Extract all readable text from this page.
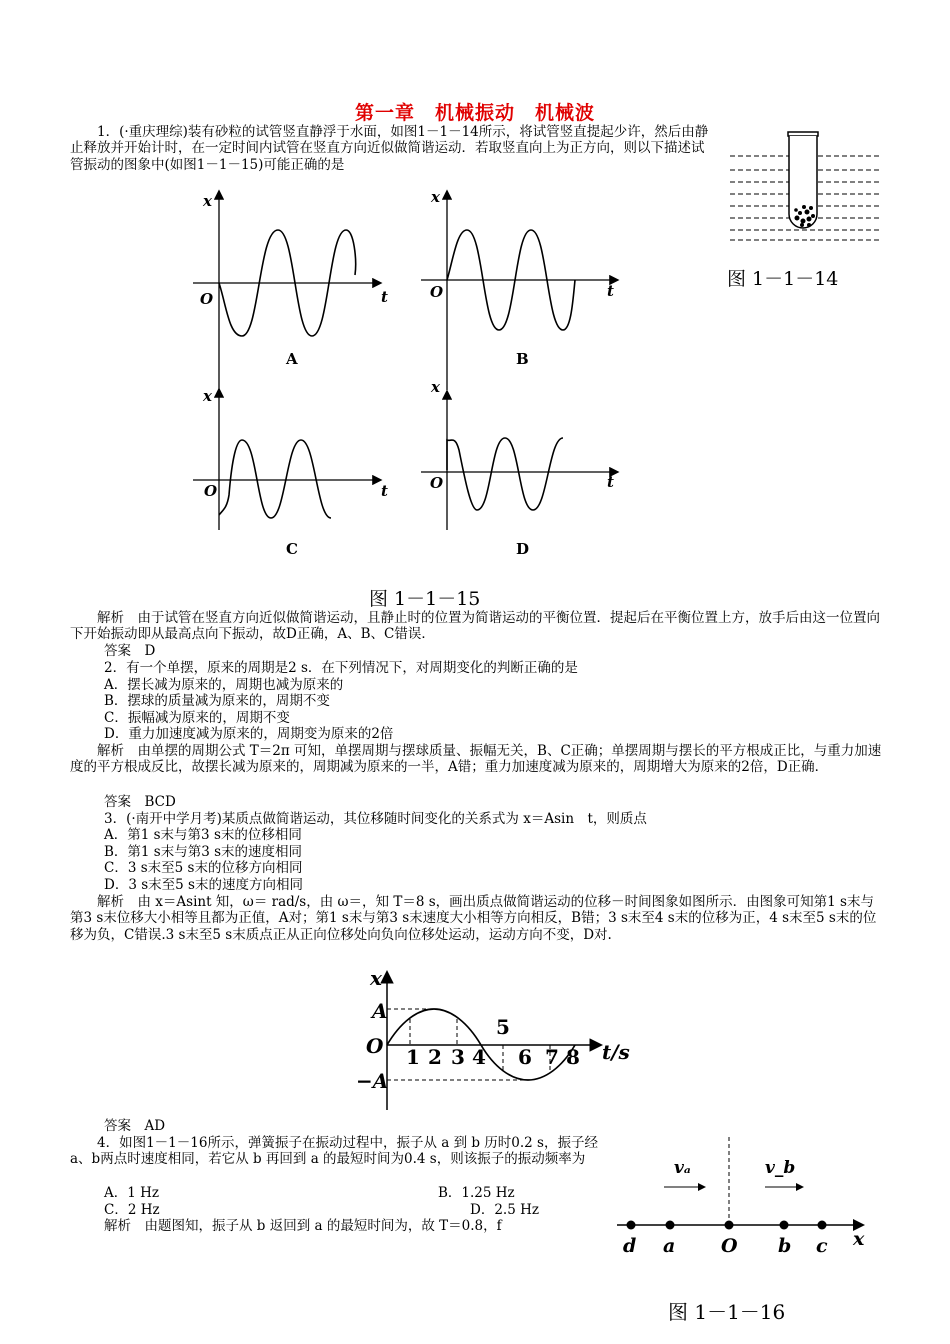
第一章　机械振动　机械波
1．(·重庆理综)装有砂粒的试管竖直静浮于水面，如图1－1－14所示，将试管竖直提起少许，然后由静止释放并开始计时，在一定时间内试管在竖直方向近似做简谐运动．若取竖直向上为正方向，则以下描述试管振动的图象中(如图1－1－15)可能正确的是
图 1－1－14
x
t
O
A
x
t
O
B
x
t
O
C
x
t
O
D
图 1－1－15
解析　由于试管在竖直方向近似做简谐运动，且静止时的位置为简谐运动的平衡位置．提起后在平衡位置上方，放手后由这一位置向下开始振动即从最高点向下振动，故D正确，A、B、C错误．
答案　D
2．有一个单摆，原来的周期是2 s．在下列情况下，对周期变化的判断正确的是
A．摆长减为原来的，周期也减为原来的
B．摆球的质量减为原来的，周期不变
C．振幅减为原来的，周期不变
D．重力加速度减为原来的，周期变为原来的2倍
解析　由单摆的周期公式 T＝2π 可知，单摆周期与摆球质量、振幅无关，B、C正确；单摆周期与摆长的平方根成正比，与重力加速度的平方根成反比，故摆长减为原来的，周期减为原来的一半，A错；重力加速度减为原来的，周期增大为原来的2倍，D正确．
答案　BCD
3．(·南开中学月考)某质点做简谐运动，其位移随时间变化的关系式为 x＝Asin　t，则质点
A．第1 s末与第3 s末的位移相同
B．第1 s末与第3 s末的速度相同
C．3 s末至5 s末的位移方向相同
D．3 s末至5 s末的速度方向相同
解析　由 x＝Asint 知，ω＝ rad/s，由 ω＝，知 T＝8 s，画出质点做简谐运动的位移－时间图象如图所示．由图象可知第1 s末与第3 s末位移大小相等且都为正值，A对；第1 s末与第3 s末速度大小相等方向相反，B错；3 s末至4 s末的位移为正，4 s末至5 s末的位移为负，C错误.3 s末至5 s末质点正从正向位移处向负向位移处运动，运动方向不变，D对.
x
A
O
−A
t/s
1 2 3 4
5
6 7 8
答案　AD
4．如图1－1－16所示，弹簧振子在振动过程中，振子从 a 到 b 历时0.2 s，振子经 a、b两点时速度相同，若它从 b 再回到 a 的最短时间为0.4 s，则该振子的振动频率为
A．1 Hz	B．1.25 Hz
C．2 Hz	D．2.5 Hz
解析　由题图知，振子从 b 返回到 a 的最短时间为，故 T＝0.8，f
vₐ	v_b
d a O b c x
图 1－1－16
